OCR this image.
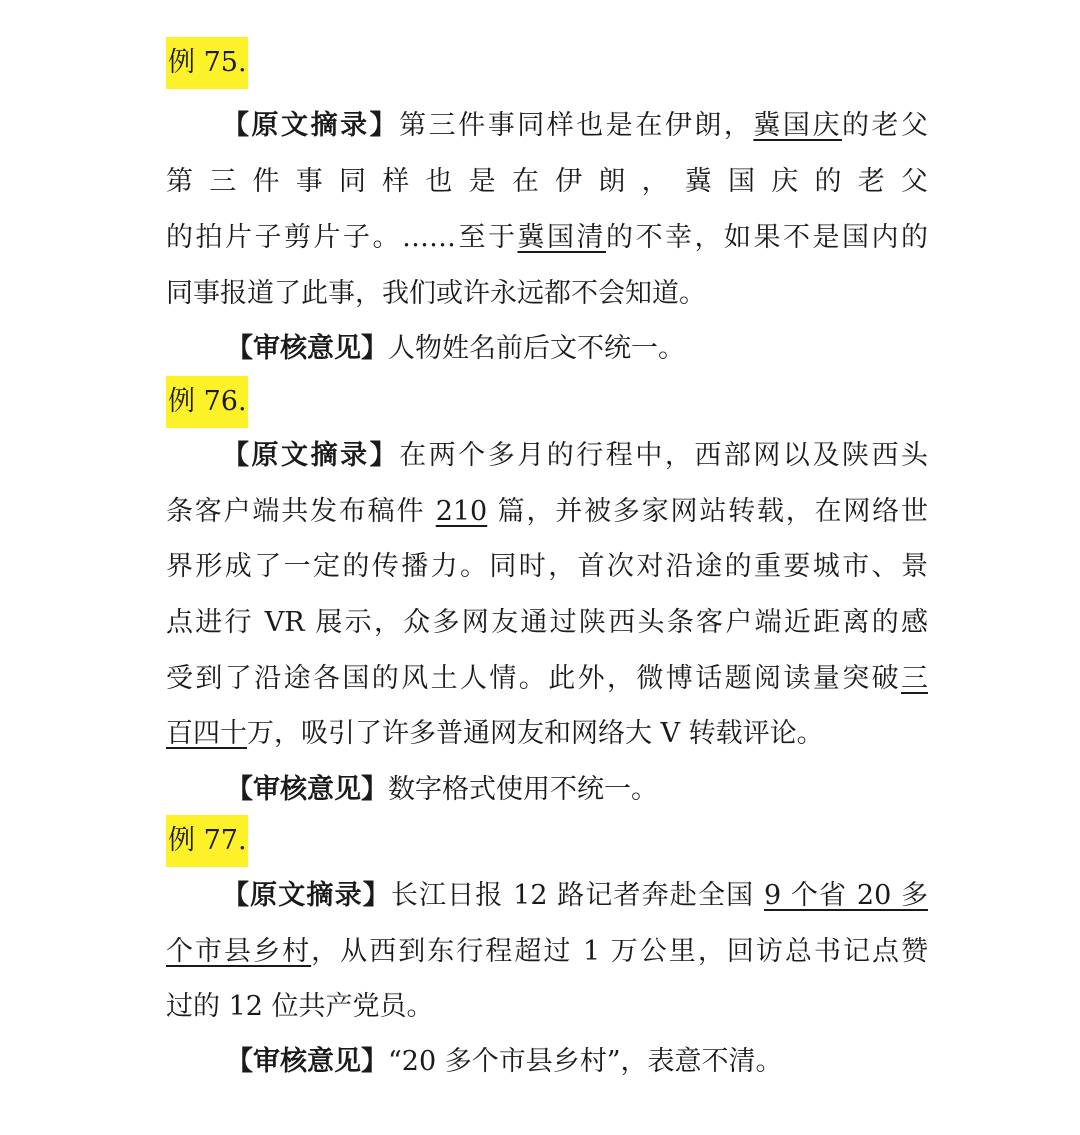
例 75.
【原文摘录】第三件事同样也是在伊朗，冀国庆的老父
第三件事同样也是在伊朗，冀国庆的老父
的拍片子剪片子。……至于冀国清的不幸，如果不是国内的
同事报道了此事，我们或许永远都不会知道。
【审核意见】人物姓名前后文不统一。
例 76.
【原文摘录】在两个多月的行程中，西部网以及陕西头
条客户端共发布稿件 210 篇，并被多家网站转载，在网络世
界形成了一定的传播力。同时，首次对沿途的重要城市、景
点进行 VR 展示，众多网友通过陕西头条客户端近距离的感
受到了沿途各国的风土人情。此外，微博话题阅读量突破三
百四十万，吸引了许多普通网友和网络大 V 转载评论。
【审核意见】数字格式使用不统一。
例 77.
【原文摘录】长江日报 12 路记者奔赴全国 9 个省 20 多
个市县乡村，从西到东行程超过 1 万公里，回访总书记点赞
过的 12 位共产党员。
【审核意见】“20 多个市县乡村”，表意不清。
